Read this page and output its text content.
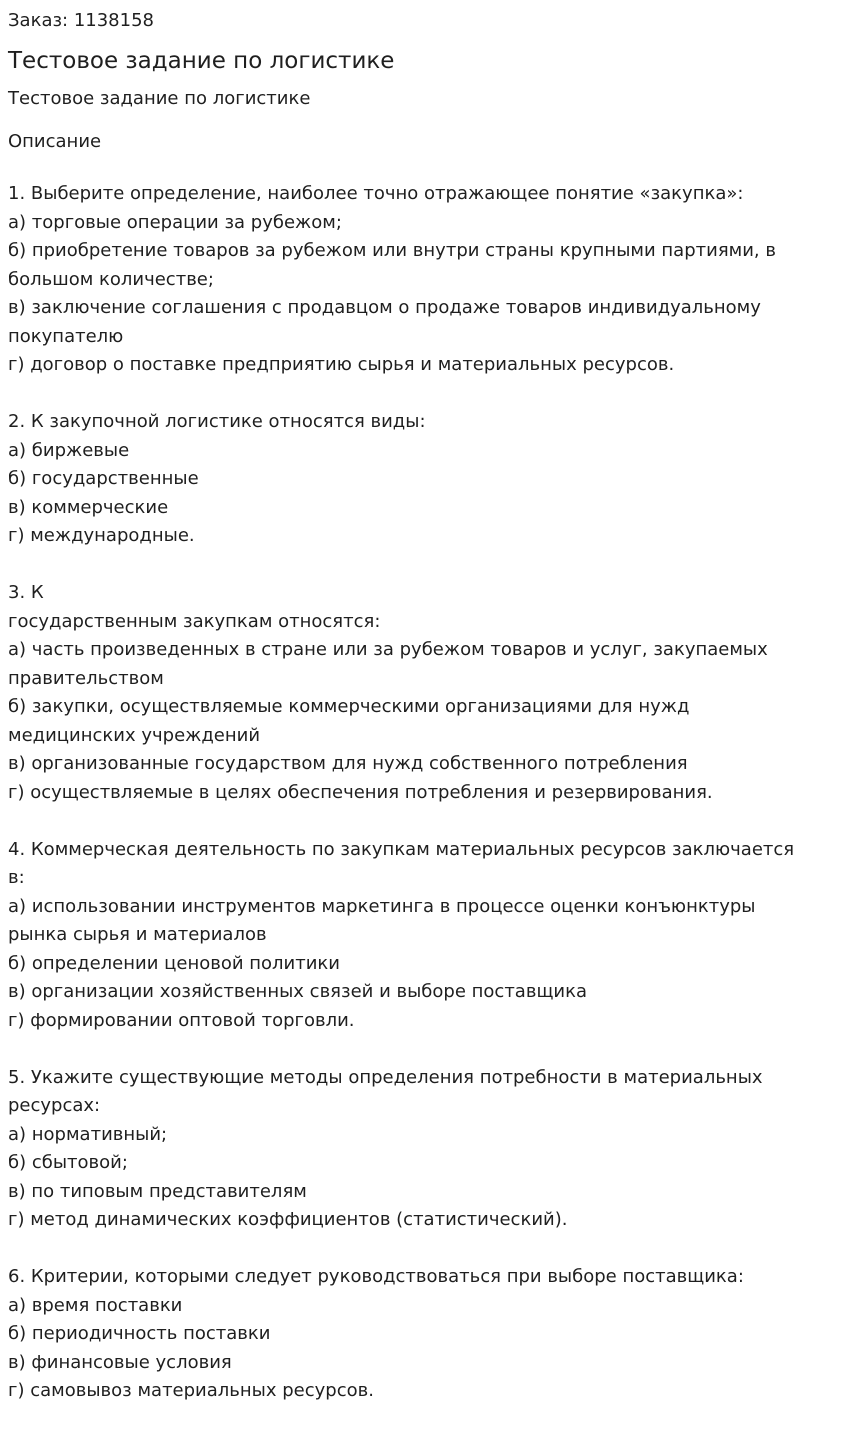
Заказ: 1138158

Тестовое задание по логистике

Тестовое задание по логистике

Описание

1. Выберите определение, наиболее точно отражающее понятие «закупка»:
а) торговые операции за рубежом;
б) приобретение товаров за рубежом или внутри страны крупными партиями, в
большом количестве;
в) заключение соглашения с продавцом о продаже товаров индивидуальному
покупателю
г) договор о поставке предприятию сырья и материальных ресурсов.
2. К закупочной логистике относятся виды:
а) биржевые
б) государственные
в) коммерческие
г) международные.
3. К
государственным закупкам относятся:
а) часть произведенных в стране или за рубежом товаров и услуг, закупаемых
правительством
б) закупки, осуществляемые коммерческими организациями для нужд
медицинских учреждений
в) организованные государством для нужд собственного потребления
г) осуществляемые в целях обеспечения потребления и резервирования.
4. Коммерческая деятельность по закупкам материальных ресурсов заключается
в:
а) использовании инструментов маркетинга в процессе оценки конъюнктуры
рынка сырья и материалов
б) определении ценовой политики
в) организации хозяйственных связей и выборе поставщика
г) формировании оптовой торговли.
5. Укажите существующие методы определения потребности в материальных
ресурсах:
а) нормативный;
б) сбытовой;
в) по типовым представителям
г) метод динамических коэффициентов (статистический).
6. Критерии, которыми следует руководствоваться при выборе поставщика:
а) время поставки
б) периодичность поставки
в) финансовые условия
г) самовывоз материальных ресурсов.
